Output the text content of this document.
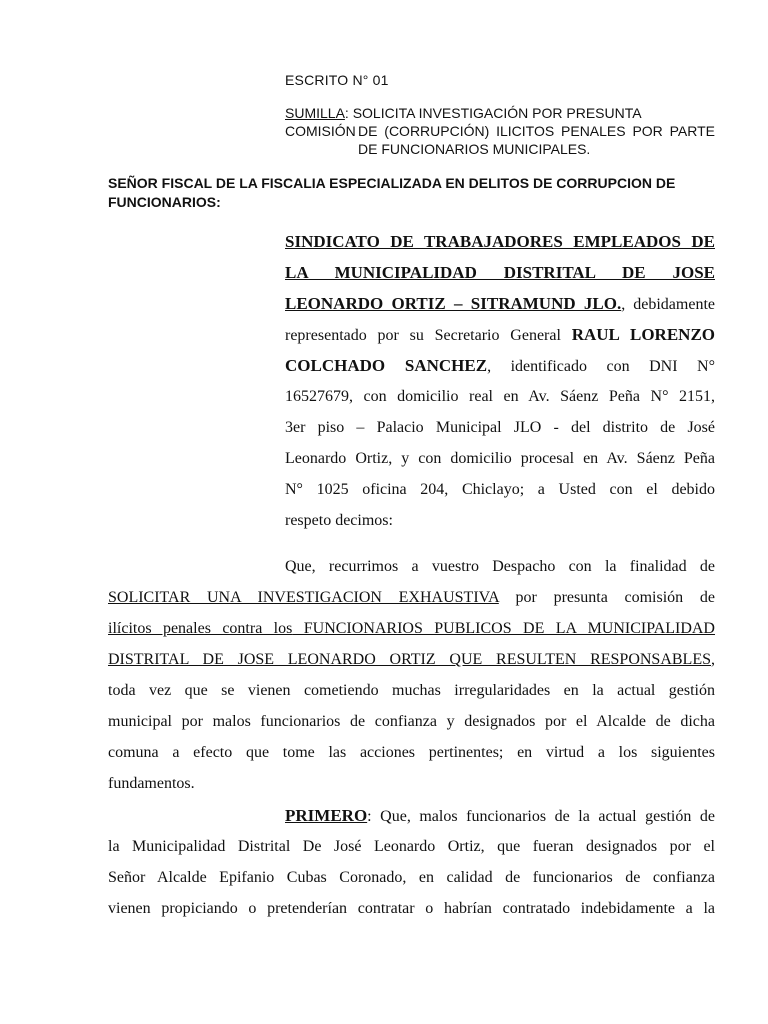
ESCRITO N° 01
SUMILLA: SOLICITA INVESTIGACIÓN POR PRESUNTA COMISIÓN DE (CORRUPCIÓN) ILICITOS PENALES POR PARTE
DE FUNCIONARIOS MUNICIPALES.
SEÑOR FISCAL DE LA FISCALIA ESPECIALIZADA EN DELITOS DE CORRUPCION DE FUNCIONARIOS:
SINDICATO DE TRABAJADORES EMPLEADOS DE
LA MUNICIPALIDAD DISTRITAL DE JOSE
LEONARDO ORTIZ – SITRAMUND JLO., debidamente
representado por su Secretario General RAUL LORENZO
COLCHADO SANCHEZ, identificado con DNI N°
16527679, con domicilio real en Av. Sáenz Peña N° 2151,
3er piso – Palacio Municipal JLO - del distrito de José
Leonardo Ortiz, y con domicilio procesal en Av. Sáenz Peña
N° 1025 oficina 204, Chiclayo; a Usted con el debido
respeto decimos:
Que, recurrimos a vuestro Despacho con la finalidad de
SOLICITAR UNA INVESTIGACION EXHAUSTIVA por presunta comisión de
ilícitos penales contra los FUNCIONARIOS PUBLICOS DE LA MUNICIPALIDAD
DISTRITAL DE JOSE LEONARDO ORTIZ QUE RESULTEN RESPONSABLES,
toda vez que se vienen cometiendo muchas irregularidades en la actual gestión
municipal por malos funcionarios de confianza y designados por el Alcalde de dicha
comuna a efecto que tome las acciones pertinentes; en virtud a los siguientes
fundamentos.
PRIMERO: Que, malos funcionarios de la actual gestión de
la Municipalidad Distrital De José Leonardo Ortiz, que fueran designados por el
Señor Alcalde Epifanio Cubas Coronado, en calidad de funcionarios de confianza
vienen propiciando o pretenderían contratar o habrían contratado indebidamente a la
